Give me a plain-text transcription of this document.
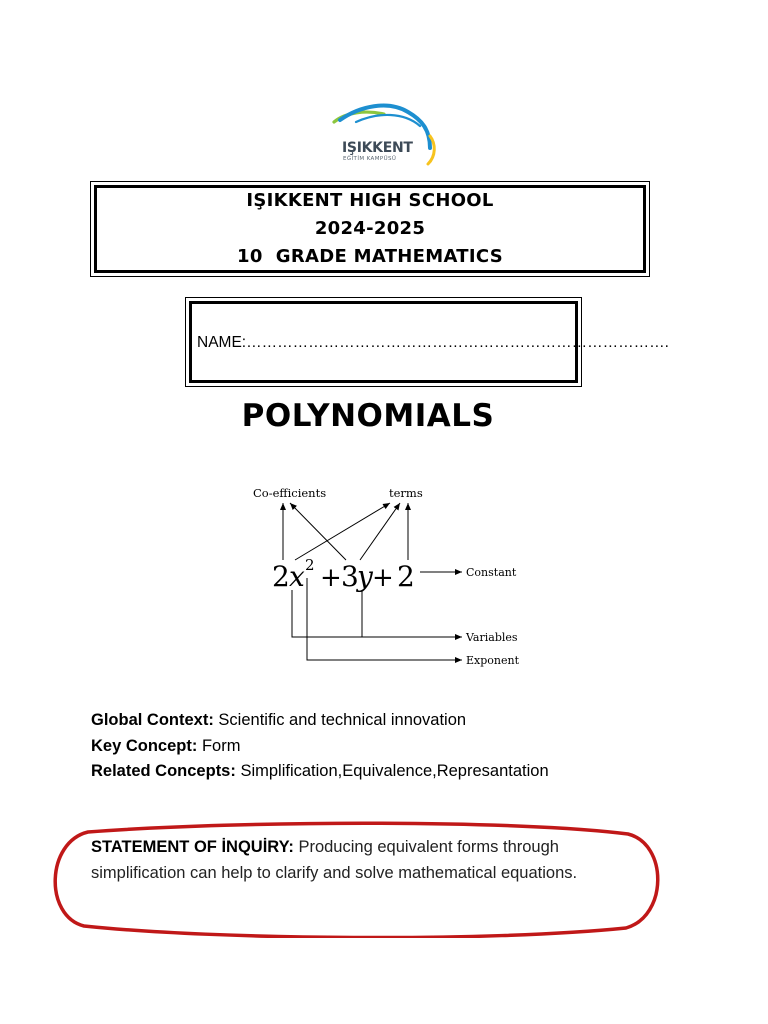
IŞIKKENT
EĞİTİM KAMPÜSÜ
IŞIKKENT HIGH SCHOOL
2024-2025
10  GRADE MATHEMATICS
NAME:……………………………………………………………………….
POLYNOMIALS
Co-efficients	terms
2 x 2 + 3
y + 2	Constant
Variables
Exponent
Global Context: Scientific and technical innovation
Key Concept: Form
Related Concepts: Simplification,Equivalence,Represantation
STATEMENT OF İNQUİRY: Producing equivalent forms through simplification can help to clarify and solve mathematical equations.
